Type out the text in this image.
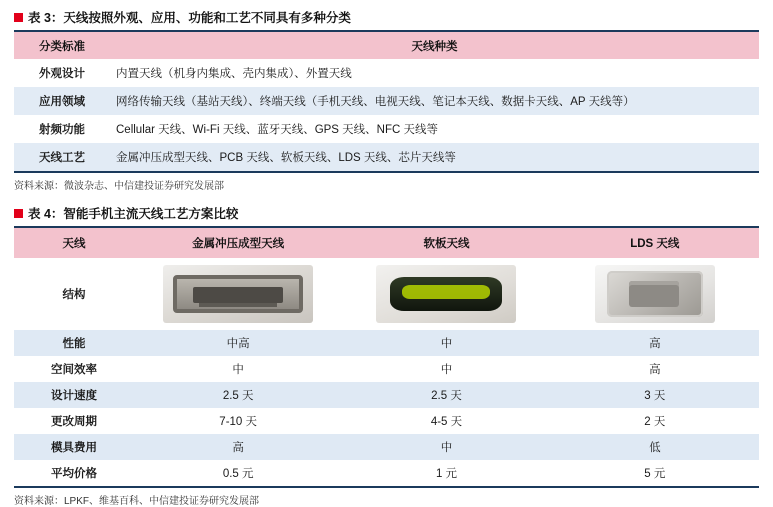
表 3：天线按照外观、应用、功能和工艺不同具有多种分类
分类标准	天线种类
外观设计	内置天线（机身内集成、壳内集成）、外置天线
应用领域	网络传输天线（基站天线）、终端天线（手机天线、电视天线、笔记本天线、数据卡天线、AP 天线等）
射频功能	Cellular 天线、Wi-Fi 天线、蓝牙天线、GPS 天线、NFC 天线等
天线工艺	金属冲压成型天线、PCB 天线、软板天线、LDS 天线、芯片天线等

资料来源：微波杂志、中信建投证券研究发展部

表 4：智能手机主流天线工艺方案比较
天线	金属冲压成型天线	软板天线	LDS 天线
结构	

性能	中高	中	高
空间效率	中	中	高
设计速度	2.5 天	2.5 天	3 天
更改周期	7-10 天	4-5 天	2 天
模具费用	高	中	低
平均价格	0.5 元	1 元	5 元

资料来源：LPKF、维基百科、中信建投证券研究发展部
